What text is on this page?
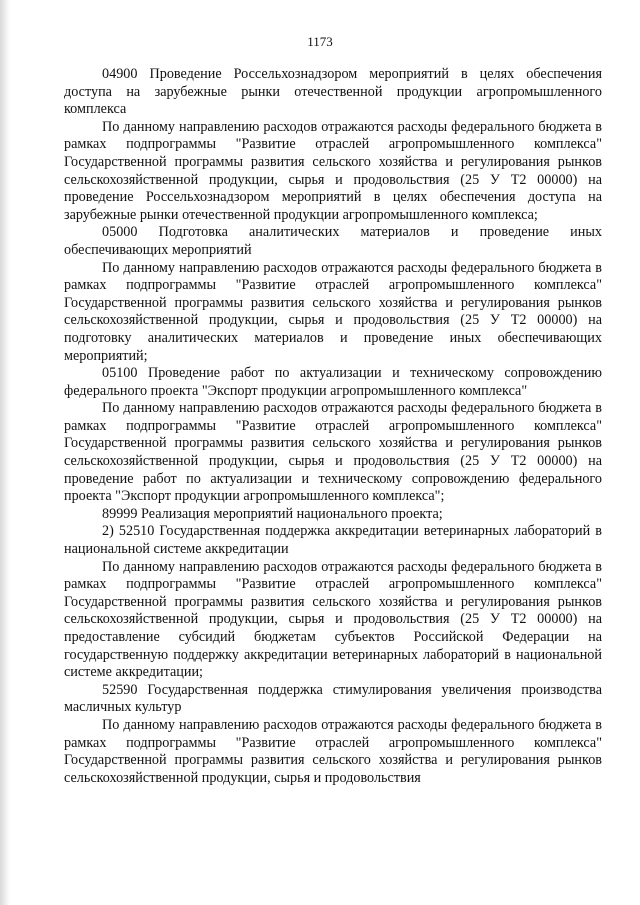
1173

04900 Проведение Россельхознадзором мероприятий в целях обеспечения доступа на зарубежные рынки отечественной продукции агропромышленного комплекса

По данному направлению расходов отражаются расходы федерального бюджета в рамках подпрограммы "Развитие отраслей агропромышленного комплекса" Государственной программы развития сельского хозяйства и регулирования рынков сельскохозяйственной продукции, сырья и продовольствия (25 У Т2 00000) на проведение Россельхознадзором мероприятий в целях обеспечения доступа на зарубежные рынки отечественной продукции агропромышленного комплекса;

05000 Подготовка аналитических материалов и проведение иных обеспечивающих мероприятий

По данному направлению расходов отражаются расходы федерального бюджета в рамках подпрограммы "Развитие отраслей агропромышленного комплекса" Государственной программы развития сельского хозяйства и регулирования рынков сельскохозяйственной продукции, сырья и продовольствия (25 У Т2 00000) на подготовку аналитических материалов и проведение иных обеспечивающих мероприятий;

05100 Проведение работ по актуализации и техническому сопровождению федерального проекта "Экспорт продукции агропромышленного комплекса"

По данному направлению расходов отражаются расходы федерального бюджета в рамках подпрограммы "Развитие отраслей агропромышленного комплекса" Государственной программы развития сельского хозяйства и регулирования рынков сельскохозяйственной продукции, сырья и продовольствия (25 У Т2 00000) на проведение работ по актуализации и техническому сопровождению федерального проекта "Экспорт продукции агропромышленного комплекса";

89999 Реализация мероприятий национального проекта;

2) 52510 Государственная поддержка аккредитации ветеринарных лабораторий в национальной системе аккредитации

По данному направлению расходов отражаются расходы федерального бюджета в рамках подпрограммы "Развитие отраслей агропромышленного комплекса" Государственной программы развития сельского хозяйства и регулирования рынков сельскохозяйственной продукции, сырья и продовольствия (25 У Т2 00000) на предоставление субсидий бюджетам субъектов Российской Федерации на государственную поддержку аккредитации ветеринарных лабораторий в национальной системе аккредитации;

52590 Государственная поддержка стимулирования увеличения производства масличных культур

По данному направлению расходов отражаются расходы федерального бюджета в рамках подпрограммы "Развитие отраслей агропромышленного комплекса" Государственной программы развития сельского хозяйства и регулирования рынков сельскохозяйственной продукции, сырья и продовольствия
